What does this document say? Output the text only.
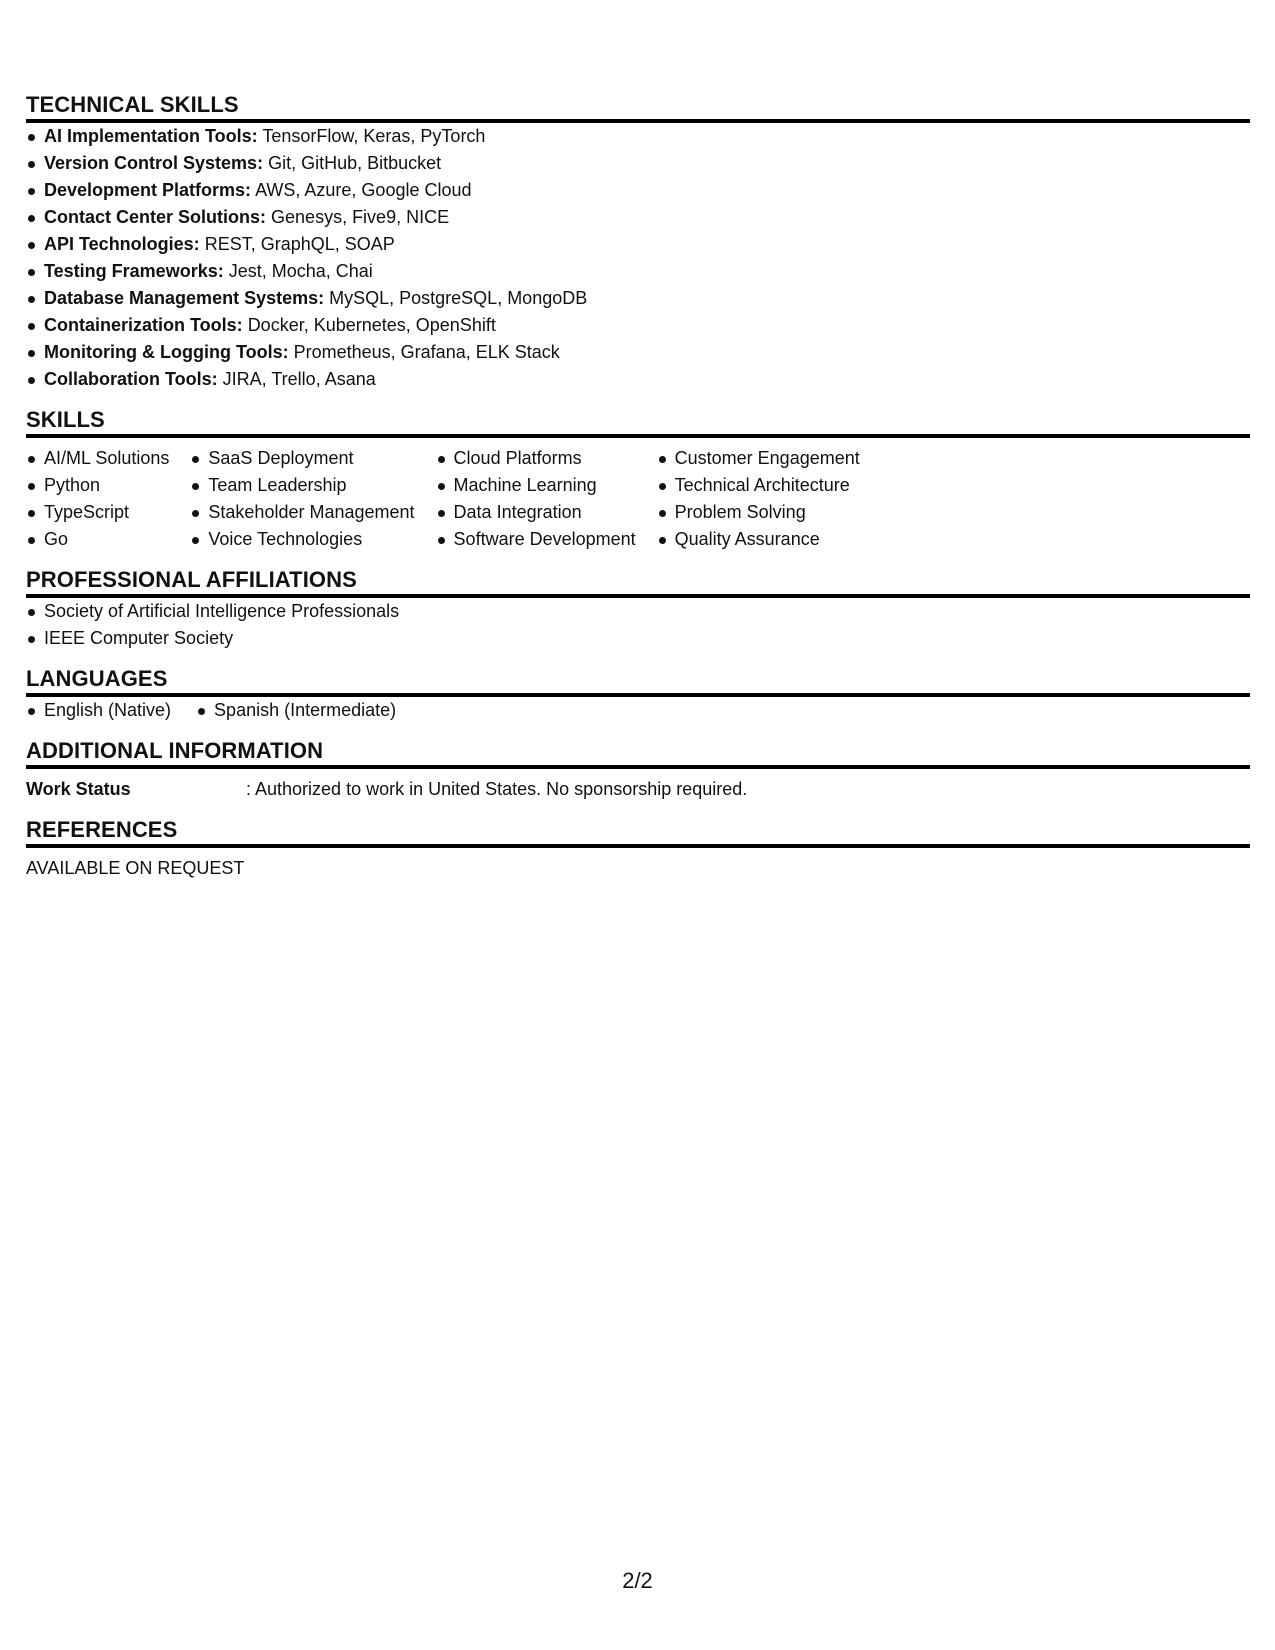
TECHNICAL SKILLS
AI Implementation Tools: TensorFlow, Keras, PyTorch
Version Control Systems: Git, GitHub, Bitbucket
Development Platforms: AWS, Azure, Google Cloud
Contact Center Solutions: Genesys, Five9, NICE
API Technologies: REST, GraphQL, SOAP
Testing Frameworks: Jest, Mocha, Chai
Database Management Systems: MySQL, PostgreSQL, MongoDB
Containerization Tools: Docker, Kubernetes, OpenShift
Monitoring & Logging Tools: Prometheus, Grafana, ELK Stack
Collaboration Tools: JIRA, Trello, Asana
SKILLS
AI/ML Solutions
Python
TypeScript
Go
SaaS Deployment
Team Leadership
Stakeholder Management
Voice Technologies
Cloud Platforms
Machine Learning
Data Integration
Software Development
Customer Engagement
Technical Architecture
Problem Solving
Quality Assurance
PROFESSIONAL AFFILIATIONS
Society of Artificial Intelligence Professionals
IEEE Computer Society
LANGUAGES
English (Native)	Spanish (Intermediate)
ADDITIONAL INFORMATION
Work Status	: Authorized to work in United States. No sponsorship required.
REFERENCES
AVAILABLE ON REQUEST
2/2
